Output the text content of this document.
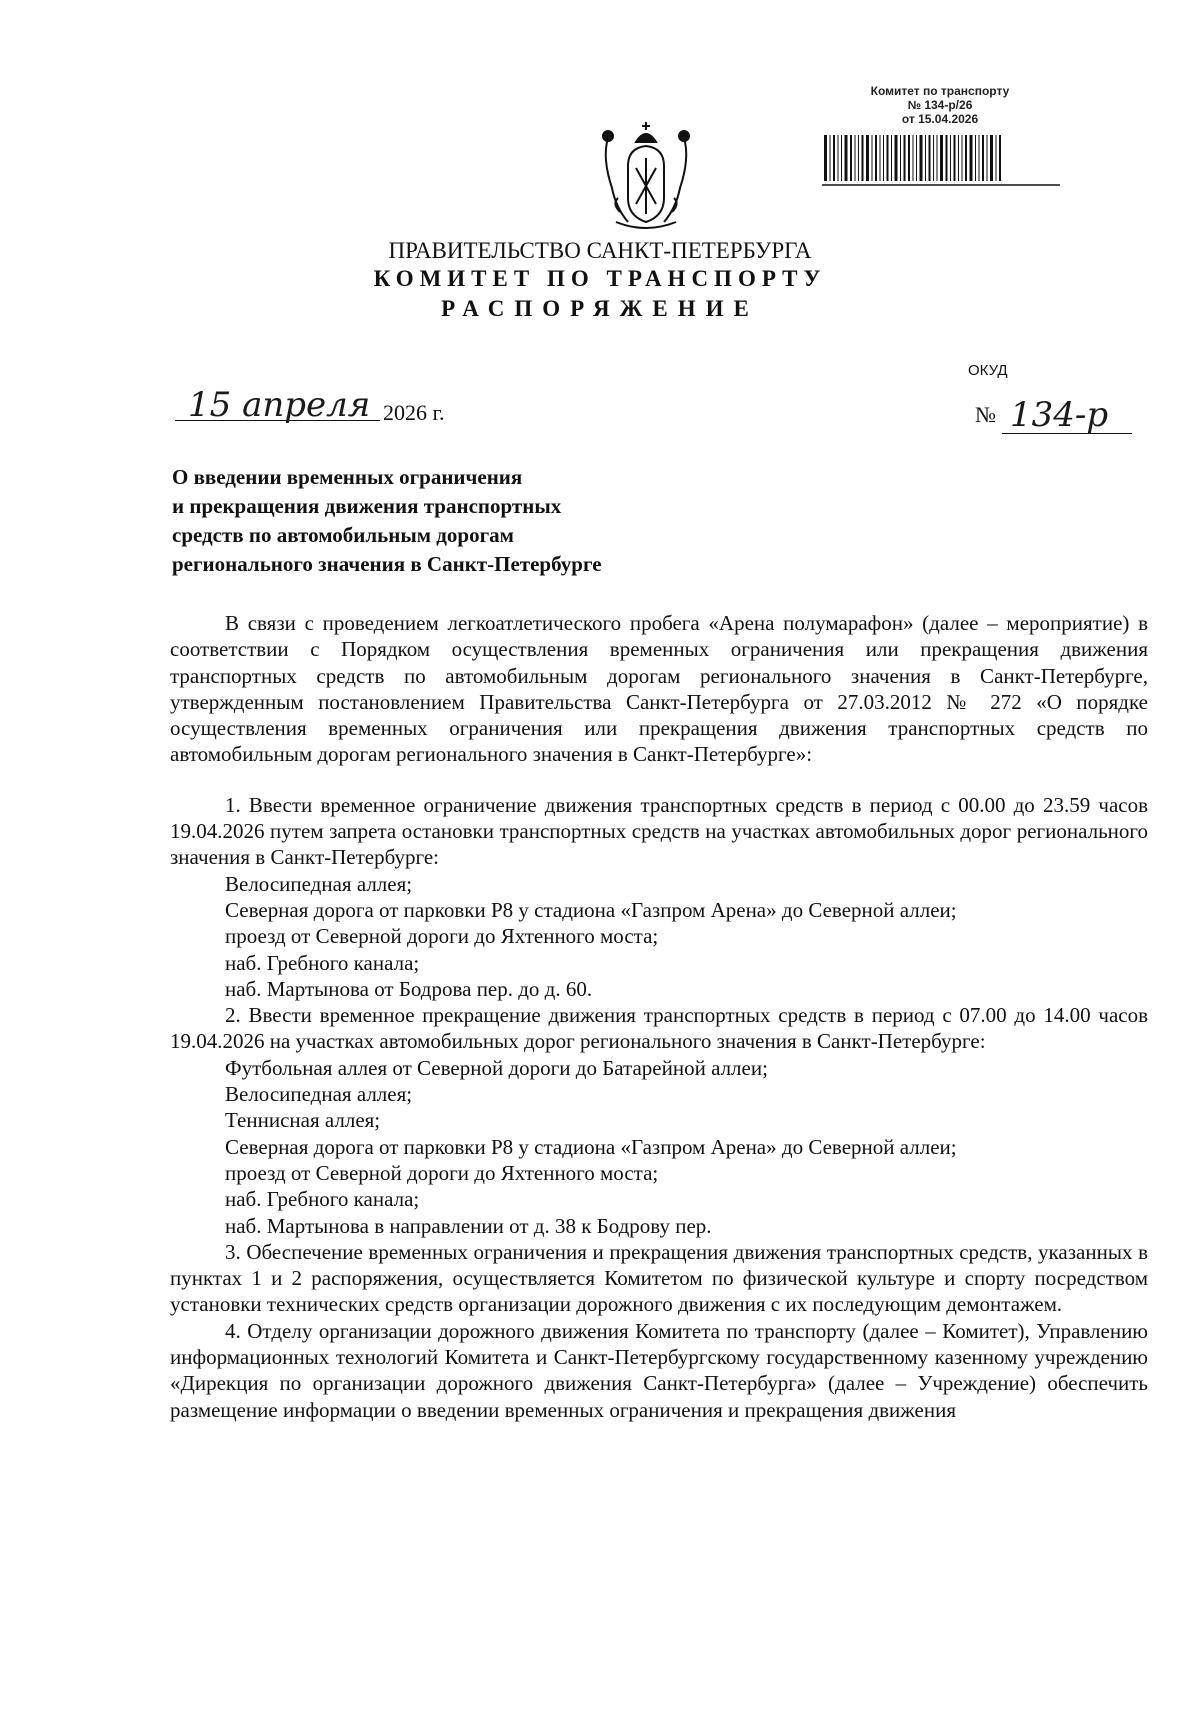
Комитет по транспорту
№ 134-р/26
от 15.04.2026
ПРАВИТЕЛЬСТВО САНКТ-ПЕТЕРБУРГА
КОМИТЕТ ПО ТРАНСПОРТУ
РАСПОРЯЖЕНИЕ
ОКУД
15 апреля 2026 г.	№ 134-р
О введении временных ограничения
и прекращения движения транспортных
средств по автомобильным дорогам
регионального значения в Санкт-Петербурге

В связи с проведением легкоатлетического пробега «Арена полумарафон» (далее – мероприятие) в соответствии с Порядком осуществления временных ограничения или прекращения движения транспортных средств по автомобильным дорогам регионального значения в Санкт-Петербурге, утвержденным постановлением Правительства Санкт-Петербурга от 27.03.2012 № 272 «О порядке осуществления временных ограничения или прекращения движения транспортных средств по автомобильным дорогам регионального значения в Санкт-Петербурге»:

1. Ввести временное ограничение движения транспортных средств в период с 00.00 до 23.59 часов 19.04.2026 путем запрета остановки транспортных средств на участках автомобильных дорог регионального значения в Санкт-Петербурге:

Велосипедная аллея;

Северная дорога от парковки Р8 у стадиона «Газпром Арена» до Северной аллеи;

проезд от Северной дороги до Яхтенного моста;

наб. Гребного канала;

наб. Мартынова от Бодрова пер. до д. 60.

2. Ввести временное прекращение движения транспортных средств в период с 07.00 до 14.00 часов 19.04.2026 на участках автомобильных дорог регионального значения в Санкт-Петербурге:

Футбольная аллея от Северной дороги до Батарейной аллеи;

Велосипедная аллея;

Теннисная аллея;

Северная дорога от парковки Р8 у стадиона «Газпром Арена» до Северной аллеи;

проезд от Северной дороги до Яхтенного моста;

наб. Гребного канала;

наб. Мартынова в направлении от д. 38 к Бодрову пер.

3. Обеспечение временных ограничения и прекращения движения транспортных средств, указанных в пунктах 1 и 2 распоряжения, осуществляется Комитетом по физической культуре и спорту посредством установки технических средств организации дорожного движения с их последующим демонтажем.

4. Отделу организации дорожного движения Комитета по транспорту (далее – Комитет), Управлению информационных технологий Комитета и Санкт-Петербургскому государственному казенному учреждению «Дирекция по организации дорожного движения Санкт-Петербурга» (далее – Учреждение) обеспечить размещение информации о введении временных ограничения и прекращения движения
